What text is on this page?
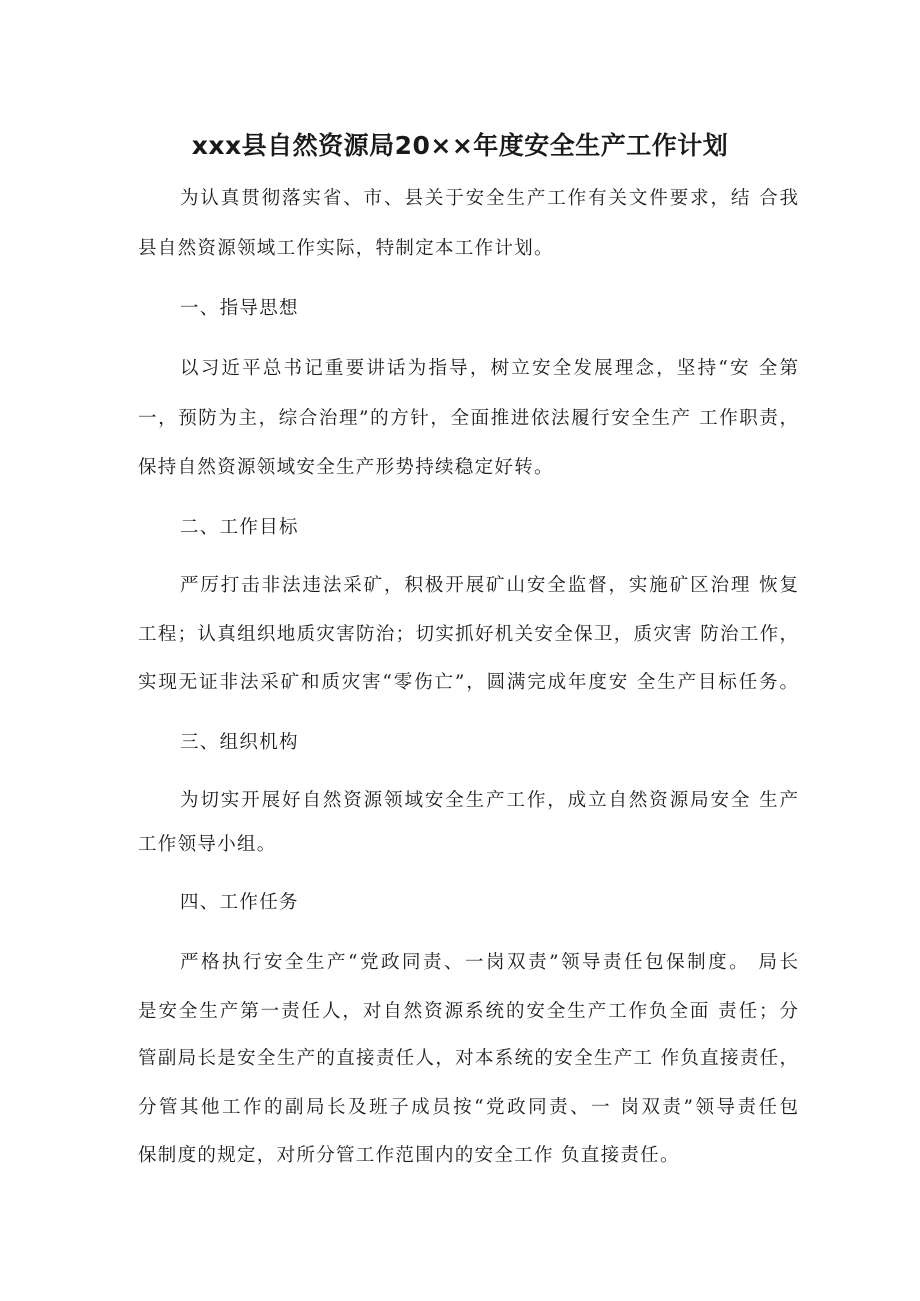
xxx县自然资源局20××年度安全生产工作计划
为认真贯彻落实省、市、县关于安全生产工作有关文件要求，结 合我
县自然资源领域工作实际，特制定本工作计划。
一、指导思想
以习近平总书记重要讲话为指导，树立安全发展理念，坚持“安 全第
一，预防为主，综合治理”的方针，全面推进依法履行安全生产 工作职责，
保持自然资源领域安全生产形势持续稳定好转。
二、工作目标
严厉打击非法违法采矿，积极开展矿山安全监督，实施矿区治理 恢复
工程；认真组织地质灾害防治；切实抓好机关安全保卫，质灾害 防治工作，
实现无证非法采矿和质灾害“零伤亡”，圆满完成年度安 全生产目标任务。
三、组织机构
为切实开展好自然资源领域安全生产工作，成立自然资源局安全 生产
工作领导小组。
四、工作任务
严格执行安全生产“党政同责、一岗双责”领导责任包保制度。 局长
是安全生产第一责任人，对自然资源系统的安全生产工作负全面 责任；分
管副局长是安全生产的直接责任人，对本系统的安全生产工 作负直接责任，
分管其他工作的副局长及班子成员按“党政同责、一 岗双责”领导责任包
保制度的规定，对所分管工作范围内的安全工作 负直接责任。
